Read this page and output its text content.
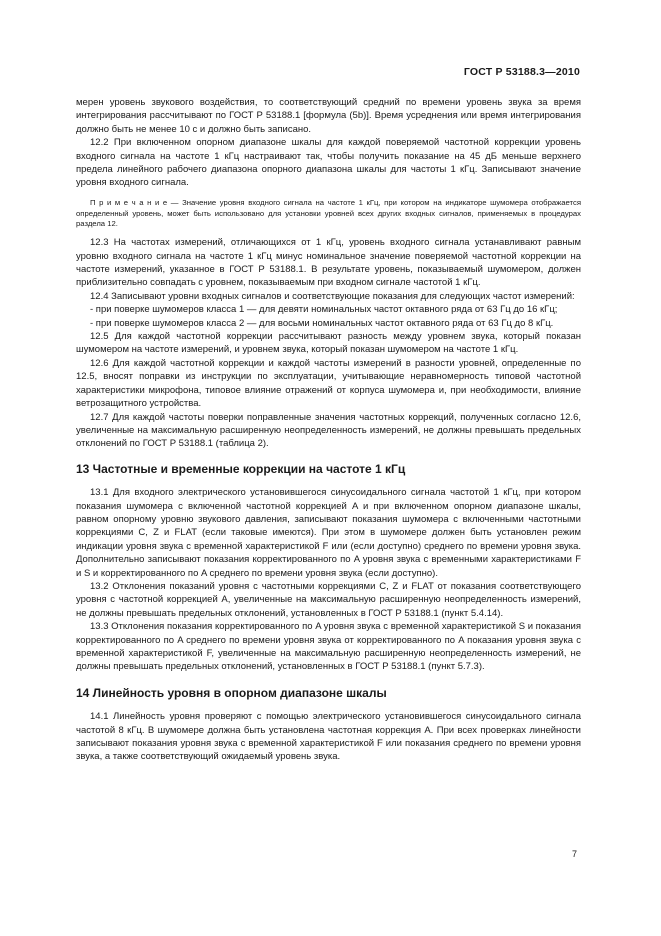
ГОСТ Р 53188.3—2010

мерен уровень звукового воздействия, то соответствующий средний по времени уровень звука за время интегрирования рассчитывают по ГОСТ Р 53188.1 [формула (5b)]. Время усреднения или время интегрирования должно быть не менее 10 с и должно быть записано.

12.2 При включенном опорном диапазоне шкалы для каждой поверяемой частотной коррекции уровень входного сигнала на частоте 1 кГц настраивают так, чтобы получить показание на 45 дБ меньше верхнего предела линейного рабочего диапазона опорного диапазона шкалы для частоты 1 кГц. Записывают значение уровня входного сигнала.

П р и м е ч а н и е — Значение уровня входного сигнала на частоте 1 кГц, при котором на индикаторе шумомера отображается определенный уровень, может быть использовано для установки уровней всех других входных сигналов, применяемых в процедурах раздела 12.

12.3 На частотах измерений, отличающихся от 1 кГц, уровень входного сигнала устанавливают равным уровню входного сигнала на частоте 1 кГц минус номинальное значение поверяемой частотной коррекции на частоте измерений, указанное в ГОСТ Р 53188.1. В результате уровень, показываемый шумомером, должен приблизительно совпадать с уровнем, показываемым при входном сигнале частотой 1 кГц.

12.4 Записывают уровни входных сигналов и соответствующие показания для следующих частот измерений:

- при поверке шумомеров класса 1 — для девяти номинальных частот октавного ряда от 63 Гц до 16 кГц;

- при поверке шумомеров класса 2 — для восьми номинальных частот октавного ряда от 63 Гц до 8 кГц.

12.5 Для каждой частотной коррекции рассчитывают разность между уровнем звука, который показан шумомером на частоте измерений, и уровнем звука, который показан шумомером на частоте 1 кГц.

12.6 Для каждой частотной коррекции и каждой частоты измерений в разности уровней, определенные по 12.5, вносят поправки из инструкции по эксплуатации, учитывающие неравномерность типовой частотной характеристики микрофона, типовое влияние отражений от корпуса шумомера и, при необходимости, влияние ветрозащитного устройства.

12.7 Для каждой частоты поверки поправленные значения частотных коррекций, полученных согласно 12.6, увеличенные на максимальную расширенную неопределенность измерений, не должны превышать предельных отклонений по ГОСТ Р 53188.1 (таблица 2).

13 Частотные и временные коррекции на частоте 1 кГц

13.1 Для входного электрического установившегося синусоидального сигнала частотой 1 кГц, при котором показания шумомера с включенной частотной коррекцией A и при включенном опорном диапазоне шкалы, равном опорному уровню звукового давления, записывают показания шумомера с включенными частотными коррекциями C, Z и FLAT (если таковые имеются). При этом в шумомере должен быть установлен режим индикации уровня звука с временной характеристикой F или (если доступно) среднего по времени уровня звука. Дополнительно записывают показания корректированного по A уровня звука с временными характеристиками F и S и корректированного по A среднего по времени уровня звука (если доступно).

13.2 Отклонения показаний уровня с частотными коррекциями C, Z и FLAT от показания соответствующего уровня с частотной коррекцией A, увеличенные на максимальную расширенную неопределенность измерений, не должны превышать предельных отклонений, установленных в ГОСТ Р 53188.1 (пункт 5.4.14).

13.3 Отклонения показания корректированного по A уровня звука с временной характеристикой S и показания корректированного по A среднего по времени уровня звука от корректированного по A показания уровня звука с временной характеристикой F, увеличенные на максимальную расширенную неопределенность измерений, не должны превышать предельных отклонений, установленных в ГОСТ Р 53188.1 (пункт 5.7.3).

14 Линейность уровня в опорном диапазоне шкалы

14.1 Линейность уровня проверяют с помощью электрического установившегося синусоидального сигнала частотой 8 кГц. В шумомере должна быть установлена частотная коррекция A. При всех проверках линейности записывают показания уровня звука с временной характеристикой F или показания среднего по времени уровня звука, а также соответствующий ожидаемый уровень звука.

7
